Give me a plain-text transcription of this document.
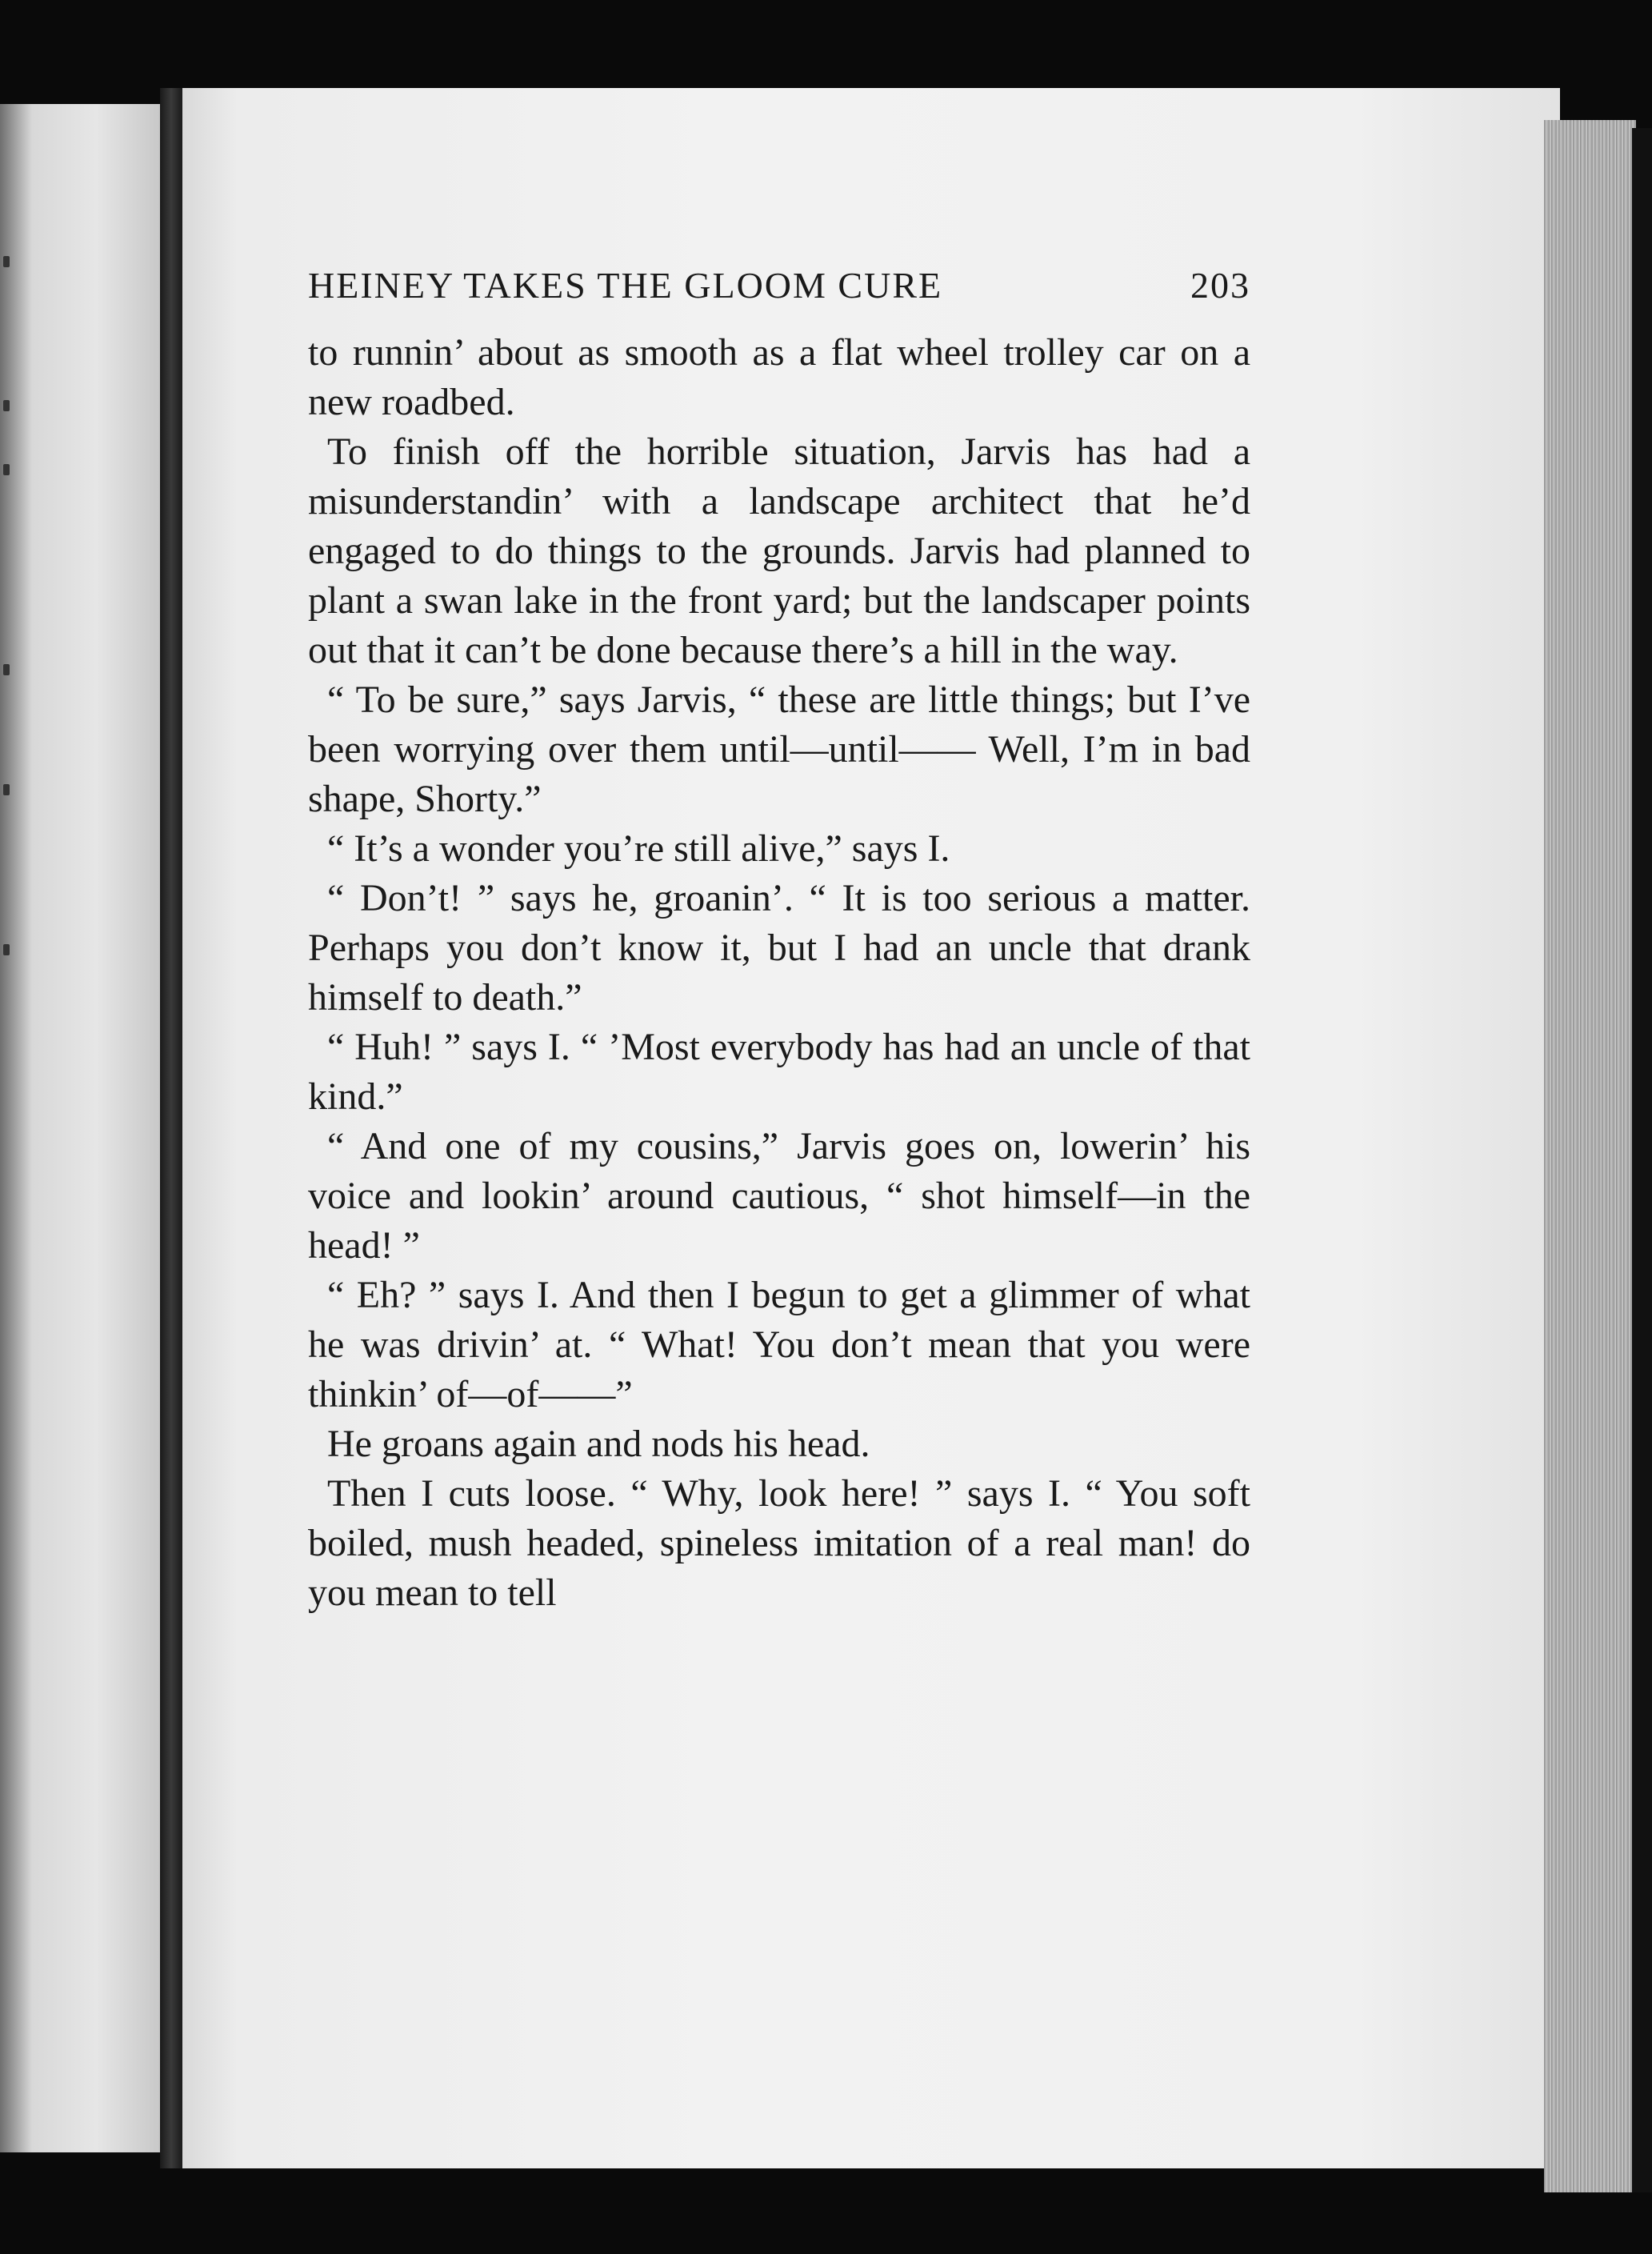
HEINEY TAKES THE GLOOM CURE	203

to runnin’ about as smooth as a flat wheel trolley car on a new roadbed.

To finish off the horrible situation, Jarvis has had a misunderstandin’ with a landscape architect that he’d engaged to do things to the grounds. Jarvis had planned to plant a swan lake in the front yard; but the landscaper points out that it can’t be done because there’s a hill in the way.

“ To be sure,” says Jarvis, “ these are little things; but I’ve been worrying over them until—until—— Well, I’m in bad shape, Shorty.”

“ It’s a wonder you’re still alive,” says I.

“ Don’t! ” says he, groanin’. “ It is too serious a matter. Perhaps you don’t know it, but I had an uncle that drank himself to death.”

“ Huh! ” says I. “ ’Most everybody has had an uncle of that kind.”

“ And one of my cousins,” Jarvis goes on, lowerin’ his voice and lookin’ around cautious, “ shot himself—in the head! ”

“ Eh? ” says I. And then I begun to get a glimmer of what he was drivin’ at. “ What! You don’t mean that you were thinkin’ of—of——”

He groans again and nods his head.

Then I cuts loose. “ Why, look here! ” says I. “ You soft boiled, mush headed, spineless imitation of a real man! do you mean to tell
